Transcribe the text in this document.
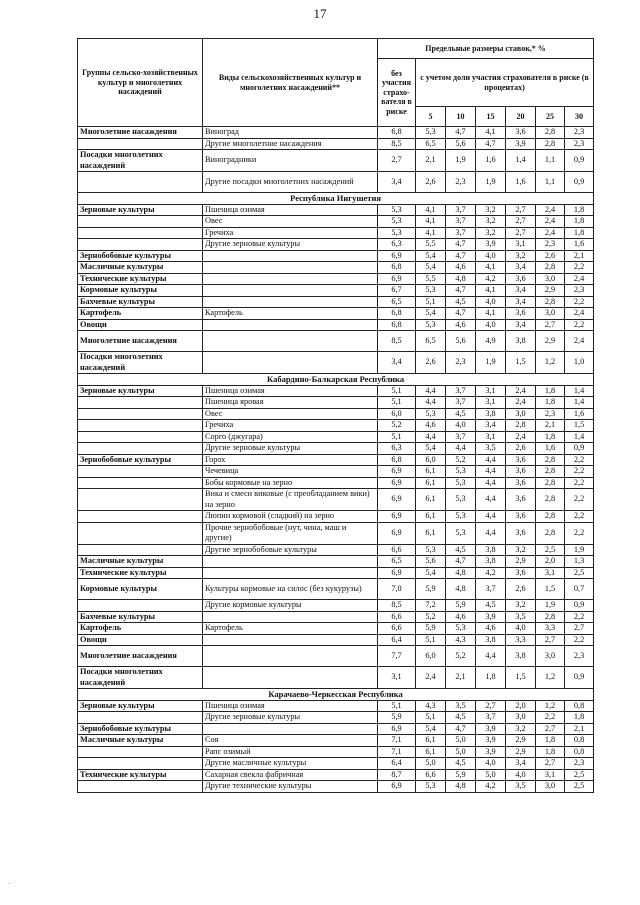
17
Группы сельско-хозяйственных культур и многолетних насаждений	Виды сельскохозяйственных культур и многолетних насаждений**	Предельные размеры ставок,* %						
		без участия страхо-вателя в риске	с учетом доли участия страхователя в риске (в процентах)					
			5	10	15	20	25	30
Многолетние насаждения	Виноград	6,8	5,3	4,7	4,1	3,6	2,8	2,3
	Другие многолетние насаждения	8,5	6,5	5,6	4,7	3,9	2,8	2,3
Посадки многолетних насаждений	Виноградники	2,7	2,1	1,9	1,6	1,4	1,1	0,9
	Другие посадки многолетних насаждений	3,4	2,6	2,3	1,9	1,6	1,1	0,9
Республика Ингушетия								
Зерновые культуры	Пшеница озимая	5,3	4,1	3,7	3,2	2,7	2,4	1,8
	Овес	5,3	4,1	3,7	3,2	2,7	2,4	1,8
	Гречиха	5,3	4,1	3,7	3,2	2,7	2,4	1,8
	Другие зерновые культуры	6,3	5,5	4,7	3,9	3,1	2,3	1,6
Зернобобовые культуры		6,9	5,4	4,7	4,0	3,2	2,6	2,1
Масличные культуры		6,8	5,4	4,6	4,1	3,4	2,8	2,2
Технические культуры		6,9	5,5	4,8	4,2	3,6	3,0	2,4
Кормовые культуры		6,7	5,3	4,7	4,1	3,4	2,9	2,3
Бахчевые культуры		6,5	5,1	4,5	4,0	3,4	2,8	2,2
Картофель	Картофель	6,8	5,4	4,7	4,1	3,6	3,0	2,4
Овощи		6,8	5,3	4,6	4,0	3,4	2,7	2,2
Многолетние насаждения		8,5	6,5	5,6	4,9	3,8	2,9	2,4
Посадки многолетних насаждений		3,4	2,6	2,3	1,9	1,5	1,2	1,0
Кабардино-Балкарская Республика								
Зерновые культуры	Пшеница озимая	5,1	4,4	3,7	3,1	2,4	1,8	1,4
	Пшеница яровая	5,1	4,4	3,7	3,1	2,4	1,8	1,4
	Овес	6,0	5,3	4,5	3,8	3,0	2,3	1,6
	Гречиха	5,2	4,6	4,0	3,4	2,8	2,1	1,5
	Сорго (джугара)	5,1	4,4	3,7	3,1	2,4	1,8	1,4
	Другие зерновые культуры	6,3	5,4	4,4	3,5	2,6	1,6	0,9
Зернобобовые культуры	Горох	6,8	6,0	5,2	4,4	3,6	2,8	2,2
	Чечевица	6,9	6,1	5,3	4,4	3,6	2,8	2,2
	Бобы кормовые на зерно	6,9	6,1	5,3	4,4	3,6	2,8	2,2
	Вика и смеси виковые (с преобладанием вики) на зерно	6,9	6,1	5,3	4,4	3,6	2,8	2,2
	Люпин кормовой (сладкий) на зерно	6,9	6,1	5,3	4,4	3,6	2,8	2,2
	Прочие зернобобовые (нут, чина, маш и другие)	6,9	6,1	5,3	4,4	3,6	2,8	2,2
	Другие зернобобовые культуры	6,6	5,3	4,5	3,8	3,2	2,5	1,9
Масличные культуры		6,5	5,6	4,7	3,8	2,9	2,0	1,3
Технические культуры		6,9	5,4	4,8	4,2	3,6	3,1	2,5
Кормовые культуры	Культуры кормовые на силос (без кукурузы)	7,0	5,9	4,8	3,7	2,6	1,5	0,7
	Другие кормовые культуры	8,5	7,2	5,9	4,5	3,2	1,9	0,9
Бахчевые культуры		6,6	5,2	4,6	3,9	3,5	2,8	2,2
Картофель	Картофель	6,6	5,9	5,3	4,6	4,0	3,3	2,7
Овощи		6,4	5,1	4,3	3,8	3,3	2,7	2,2
Многолетние насаждения		7,7	6,0	5,2	4,4	3,8	3,0	2,3
Посадки многолетних насаждений		3,1	2,4	2,1	1,8	1,5	1,2	0,9
Карачаево-Черкесская Республика								
Зерновые культуры	Пшеница озимая	5,1	4,3	3,5	2,7	2,0	1,2	0,8
	Другие зерновые культуры	5,9	5,1	4,5	3,7	3,0	2,2	1,8
Зернобобовые культуры		6,9	5,4	4,7	3,9	3,2	2,7	2,1
Масличные культуры	Соя	7,1	6,1	5,0	3,9	2,9	1,8	0,8
	Рапс озимый	7,1	6,1	5,0	3,9	2,9	1,8	0,8
	Другие масличные культуры	6,4	5,0	4,5	4,0	3,4	2,7	2,3
Технические культуры	Сахарная свекла фабричная	8,7	6,6	5,9	5,0	4,0	3,1	2,5
	Другие технические культуры	6,9	5,3	4,8	4,2	3,5	3,0	2,5
.. ·
